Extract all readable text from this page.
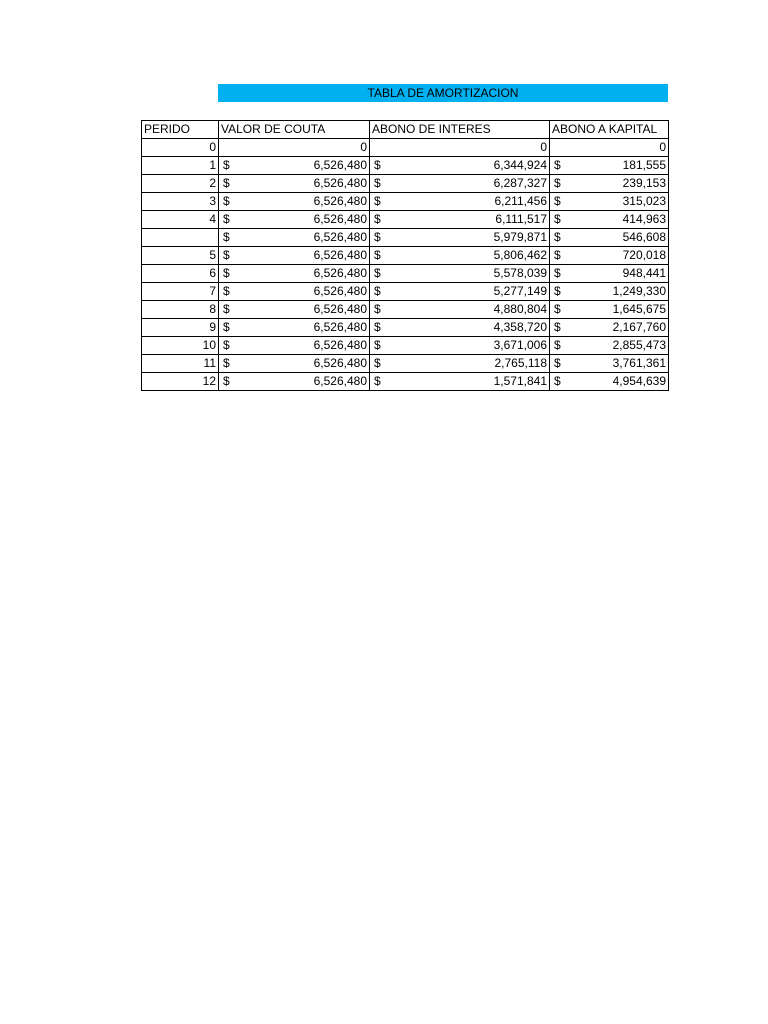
TABLA DE AMORTIZACION
PERIDO	VALOR DE COUTA	ABONO DE INTERES	ABONO A KAPITAL
0	0	0	0
1	$ 6,526,480	$ 6,344,924	$ 181,555

2	$ 6,526,480	$ 6,287,327	$ 239,153

3	$ 6,526,480	$ 6,211,456	$ 315,023

4	$ 6,526,480	$ 6,111,517	$ 414,963

	$ 6,526,480	$ 5,979,871	$ 546,608

5	$ 6,526,480	$ 5,806,462	$ 720,018

6	$ 6,526,480	$ 5,578,039	$ 948,441

7	$ 6,526,480	$ 5,277,149	$ 1,249,330

8	$ 6,526,480	$ 4,880,804	$ 1,645,675

9	$ 6,526,480	$ 4,358,720	$ 2,167,760

10	$ 6,526,480	$ 3,671,006	$ 2,855,473

11	$ 6,526,480	$ 2,765,118	$ 3,761,361

12	$ 6,526,480	$ 1,571,841	$ 4,954,639
